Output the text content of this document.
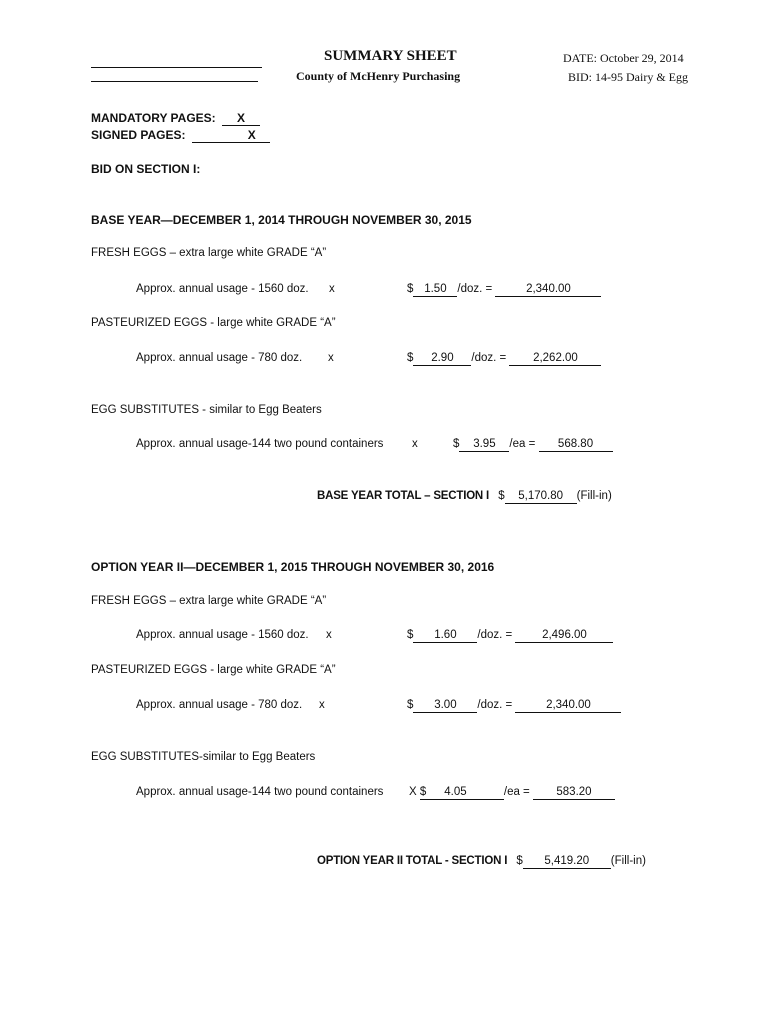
SUMMARY SHEET
County of McHenry Purchasing
DATE: October 29, 2014
BID: 14-95 Dairy & Egg
MANDATORY PAGES: X
SIGNED PAGES:	X
BID ON SECTION I:
BASE YEAR—DECEMBER 1, 2014 THROUGH NOVEMBER 30, 2015
FRESH EGGS – extra large white GRADE “A”
Approx. annual usage - 1560 doz. x	$ 1.50 /doz. =	2,340.00
PASTEURIZED EGGS - large white GRADE “A”
Approx. annual usage - 780 doz. x	$ 2.90 /doz. = 2,262.00
EGG SUBSTITUTES - similar to Egg Beaters
Approx. annual usage-144 two pound containers x	$ 3.95 /ea = 568.80
BASE YEAR TOTAL – SECTION I $ 5,170.80 (Fill-in)
OPTION YEAR II—DECEMBER 1, 2015 THROUGH NOVEMBER 30, 2016
FRESH EGGS – extra large white GRADE “A”
Approx. annual usage - 1560 doz. x	$ 1.60 /doz. =	2,496.00
PASTEURIZED EGGS - large white GRADE “A”
Approx. annual usage - 780 doz. x	$ 3.00 /doz. =	2,340.00
EGG SUBSTITUTES-similar to Egg Beaters
Approx. annual usage-144 two pound containers X $ 4.05	/ea = 583.20
OPTION YEAR II TOTAL - SECTION I $ 5,419.20 (Fill-in)
